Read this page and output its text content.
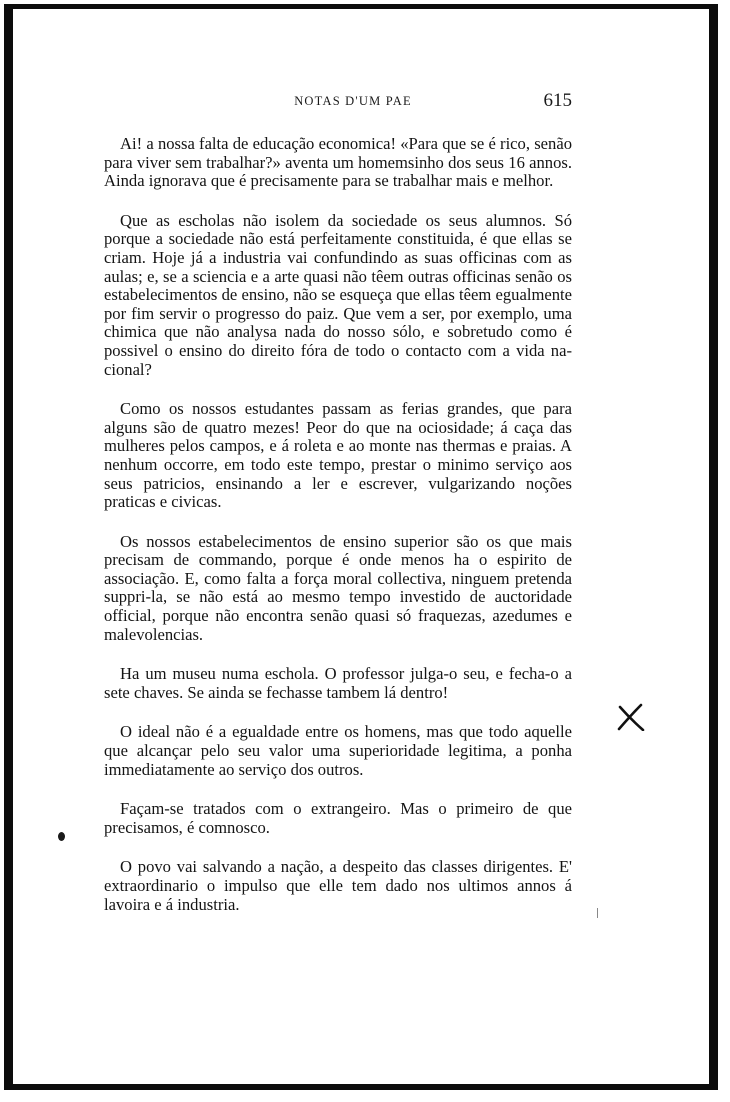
NOTAS D'UM PAE	615

Ai! a nossa falta de educação economica! «Para que se é rico, senão para viver sem trabalhar?» aventa um homemsinho dos seus 16 annos. Ainda ignorava que é precisamente para se trabalhar mais e melhor.

Que as escholas não isolem da sociedade os seus alumnos. Só porque a sociedade não está perfeitamente constituida, é que ellas se criam. Hoje já a industria vai confundindo as suas officinas com as aulas; e, se a sciencia e a arte quasi não têem outras officinas senão os estabelecimentos de ensino, não se esqueça que ellas têem egualmente por fim servir o progresso do paiz. Que vem a ser, por exemplo, uma chimica que não analysa nada do nosso sólo, e sobretudo como é possivel o ensino do direito fóra de todo o contacto com a vida nacional?

Como os nossos estudantes passam as ferias grandes, que para alguns são de quatro mezes! Peor do que na ociosidade; á caça das mulheres pelos campos, e á roleta e ao monte nas thermas e praias. A nenhum occorre, em todo este tempo, prestar o minimo serviço aos seus patricios, ensinando a ler e escrever, vulgarizando noções praticas e civicas.

Os nossos estabelecimentos de ensino superior são os que mais precisam de commando, porque é onde menos ha o espirito de associação. E, como falta a força moral collectiva, ninguem pretenda suppri-la, se não está ao mesmo tempo investido de auctoridade official, porque não encontra senão quasi só fraquezas, azedumes e malevolencias.

Ha um museu numa eschola. O professor julga-o seu, e fecha-o a sete chaves. Se ainda se fechasse tambem lá dentro!

O ideal não é a egualdade entre os homens, mas que todo aquelle que alcançar pelo seu valor uma superioridade legitima, a ponha immediatamente ao serviço dos outros.

Façam-se tratados com o extrangeiro. Mas o primeiro de que precisamos, é comnosco.

O povo vai salvando a nação, a despeito das classes dirigentes. E' extraordinario o impulso que elle tem dado nos ultimos annos á lavoira e á industria.
